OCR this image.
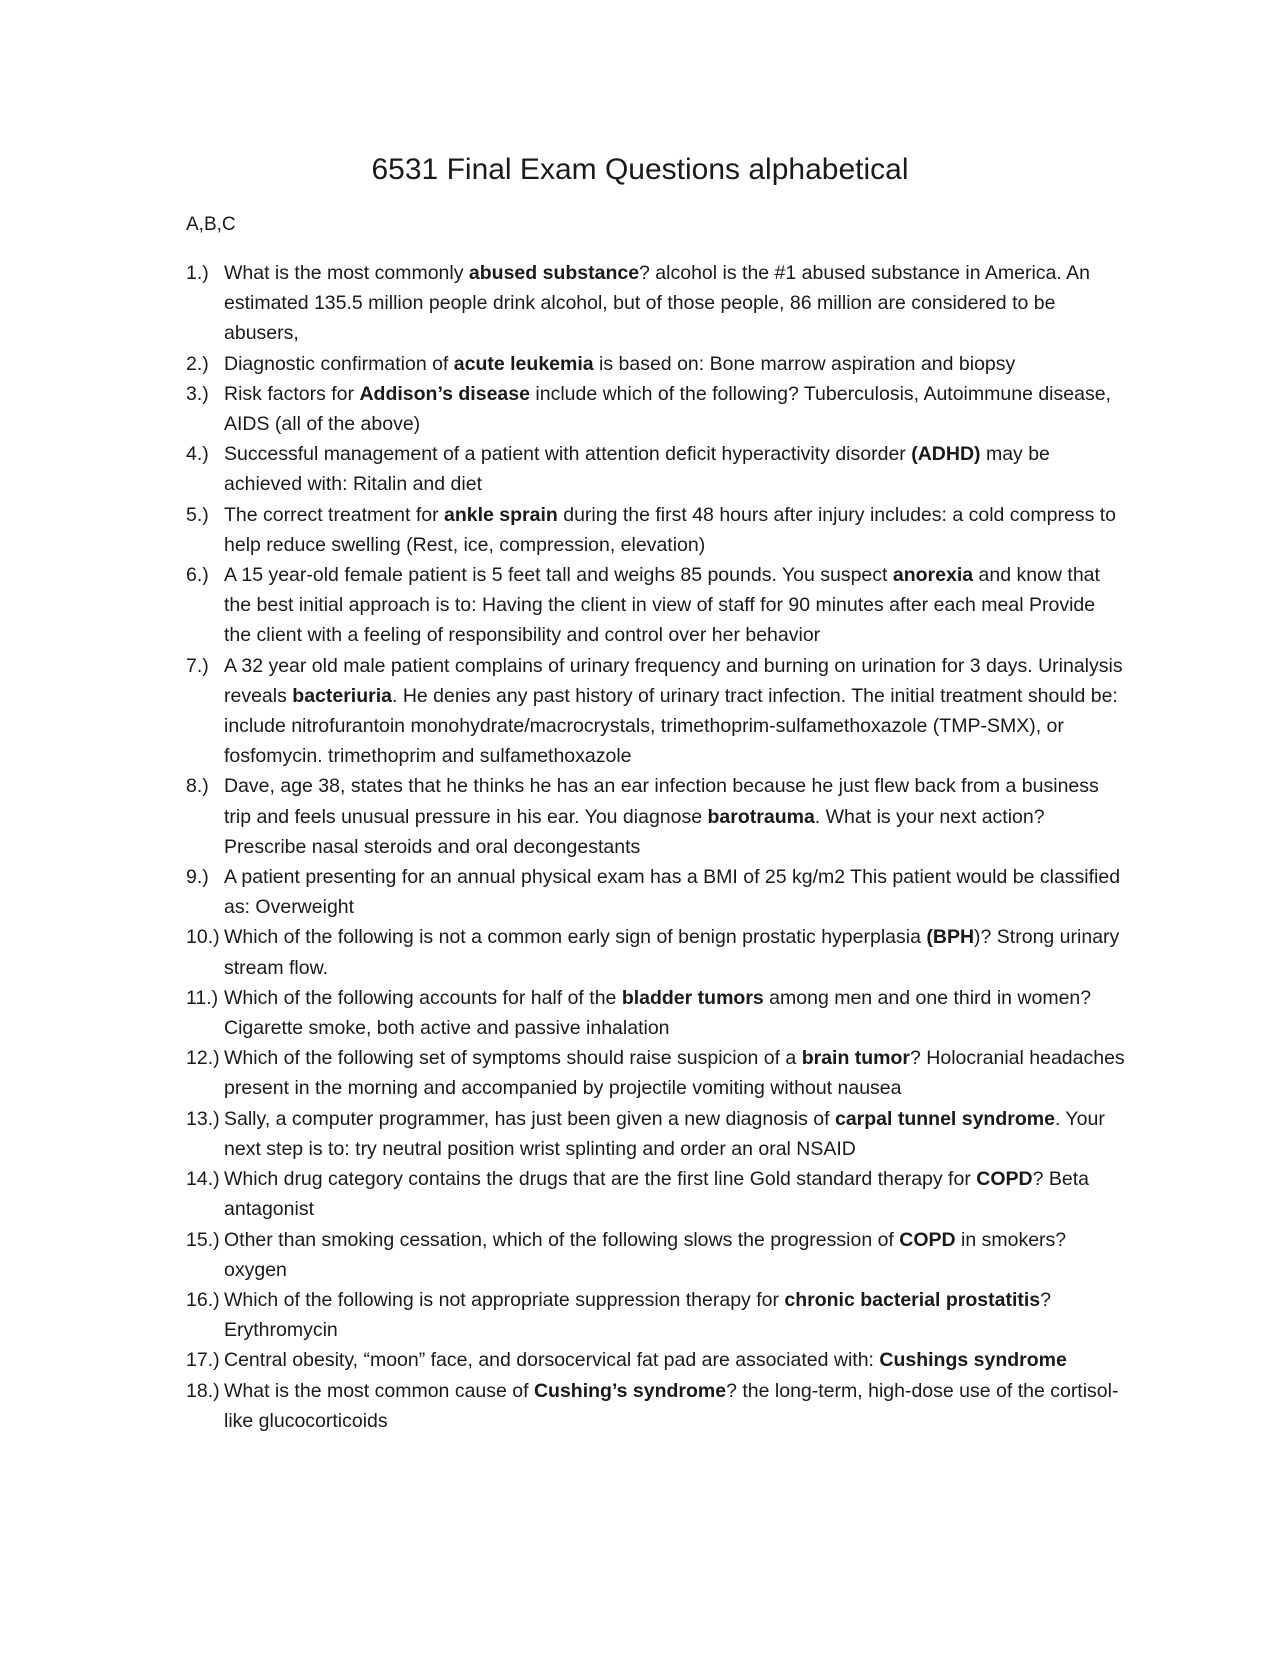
6531 Final Exam Questions alphabetical

A,B,C

1.) What is the most commonly abused substance? alcohol is the #1 abused substance in America. An estimated 135.5 million people drink alcohol, but of those people, 86 million are considered to be abusers,
2.) Diagnostic confirmation of acute leukemia is based on: Bone marrow aspiration and biopsy
3.) Risk factors for Addison’s disease include which of the following? Tuberculosis, Autoimmune disease, AIDS (all of the above)
4.) Successful management of a patient with attention deficit hyperactivity disorder (ADHD) may be achieved with: Ritalin and diet
5.) The correct treatment for ankle sprain during the first 48 hours after injury includes: a cold compress to help reduce swelling (Rest, ice, compression, elevation)
6.) A 15 year-old female patient is 5 feet tall and weighs 85 pounds. You suspect anorexia and know that the best initial approach is to: Having the client in view of staff for 90 minutes after each meal Provide the client with a feeling of responsibility and control over her behavior
7.) A 32 year old male patient complains of urinary frequency and burning on urination for 3 days. Urinalysis reveals bacteriuria. He denies any past history of urinary tract infection. The initial treatment should be: include nitrofurantoin monohydrate/macrocrystals, trimethoprim-sulfamethoxazole (TMP-SMX), or fosfomycin. trimethoprim and sulfamethoxazole
8.) Dave, age 38, states that he thinks he has an ear infection because he just flew back from a business trip and feels unusual pressure in his ear. You diagnose barotrauma. What is your next action? Prescribe nasal steroids and oral decongestants
9.) A patient presenting for an annual physical exam has a BMI of 25 kg/m2 This patient would be classified as: Overweight
10.) Which of the following is not a common early sign of benign prostatic hyperplasia (BPH)? Strong urinary stream flow.
11.) Which of the following accounts for half of the bladder tumors among men and one third in women? Cigarette smoke, both active and passive inhalation
12.) Which of the following set of symptoms should raise suspicion of a brain tumor? Holocranial headaches present in the morning and accompanied by projectile vomiting without nausea
13.) Sally, a computer programmer, has just been given a new diagnosis of carpal tunnel syndrome. Your next step is to: try neutral position wrist splinting and order an oral NSAID
14.) Which drug category contains the drugs that are the first line Gold standard therapy for COPD? Beta antagonist
15.) Other than smoking cessation, which of the following slows the progression of COPD in smokers? oxygen
16.) Which of the following is not appropriate suppression therapy for chronic bacterial prostatitis? Erythromycin
17.) Central obesity, “moon” face, and dorsocervical fat pad are associated with: Cushings syndrome
18.) What is the most common cause of Cushing’s syndrome? the long-term, high-dose use of the cortisol-like glucocorticoids
